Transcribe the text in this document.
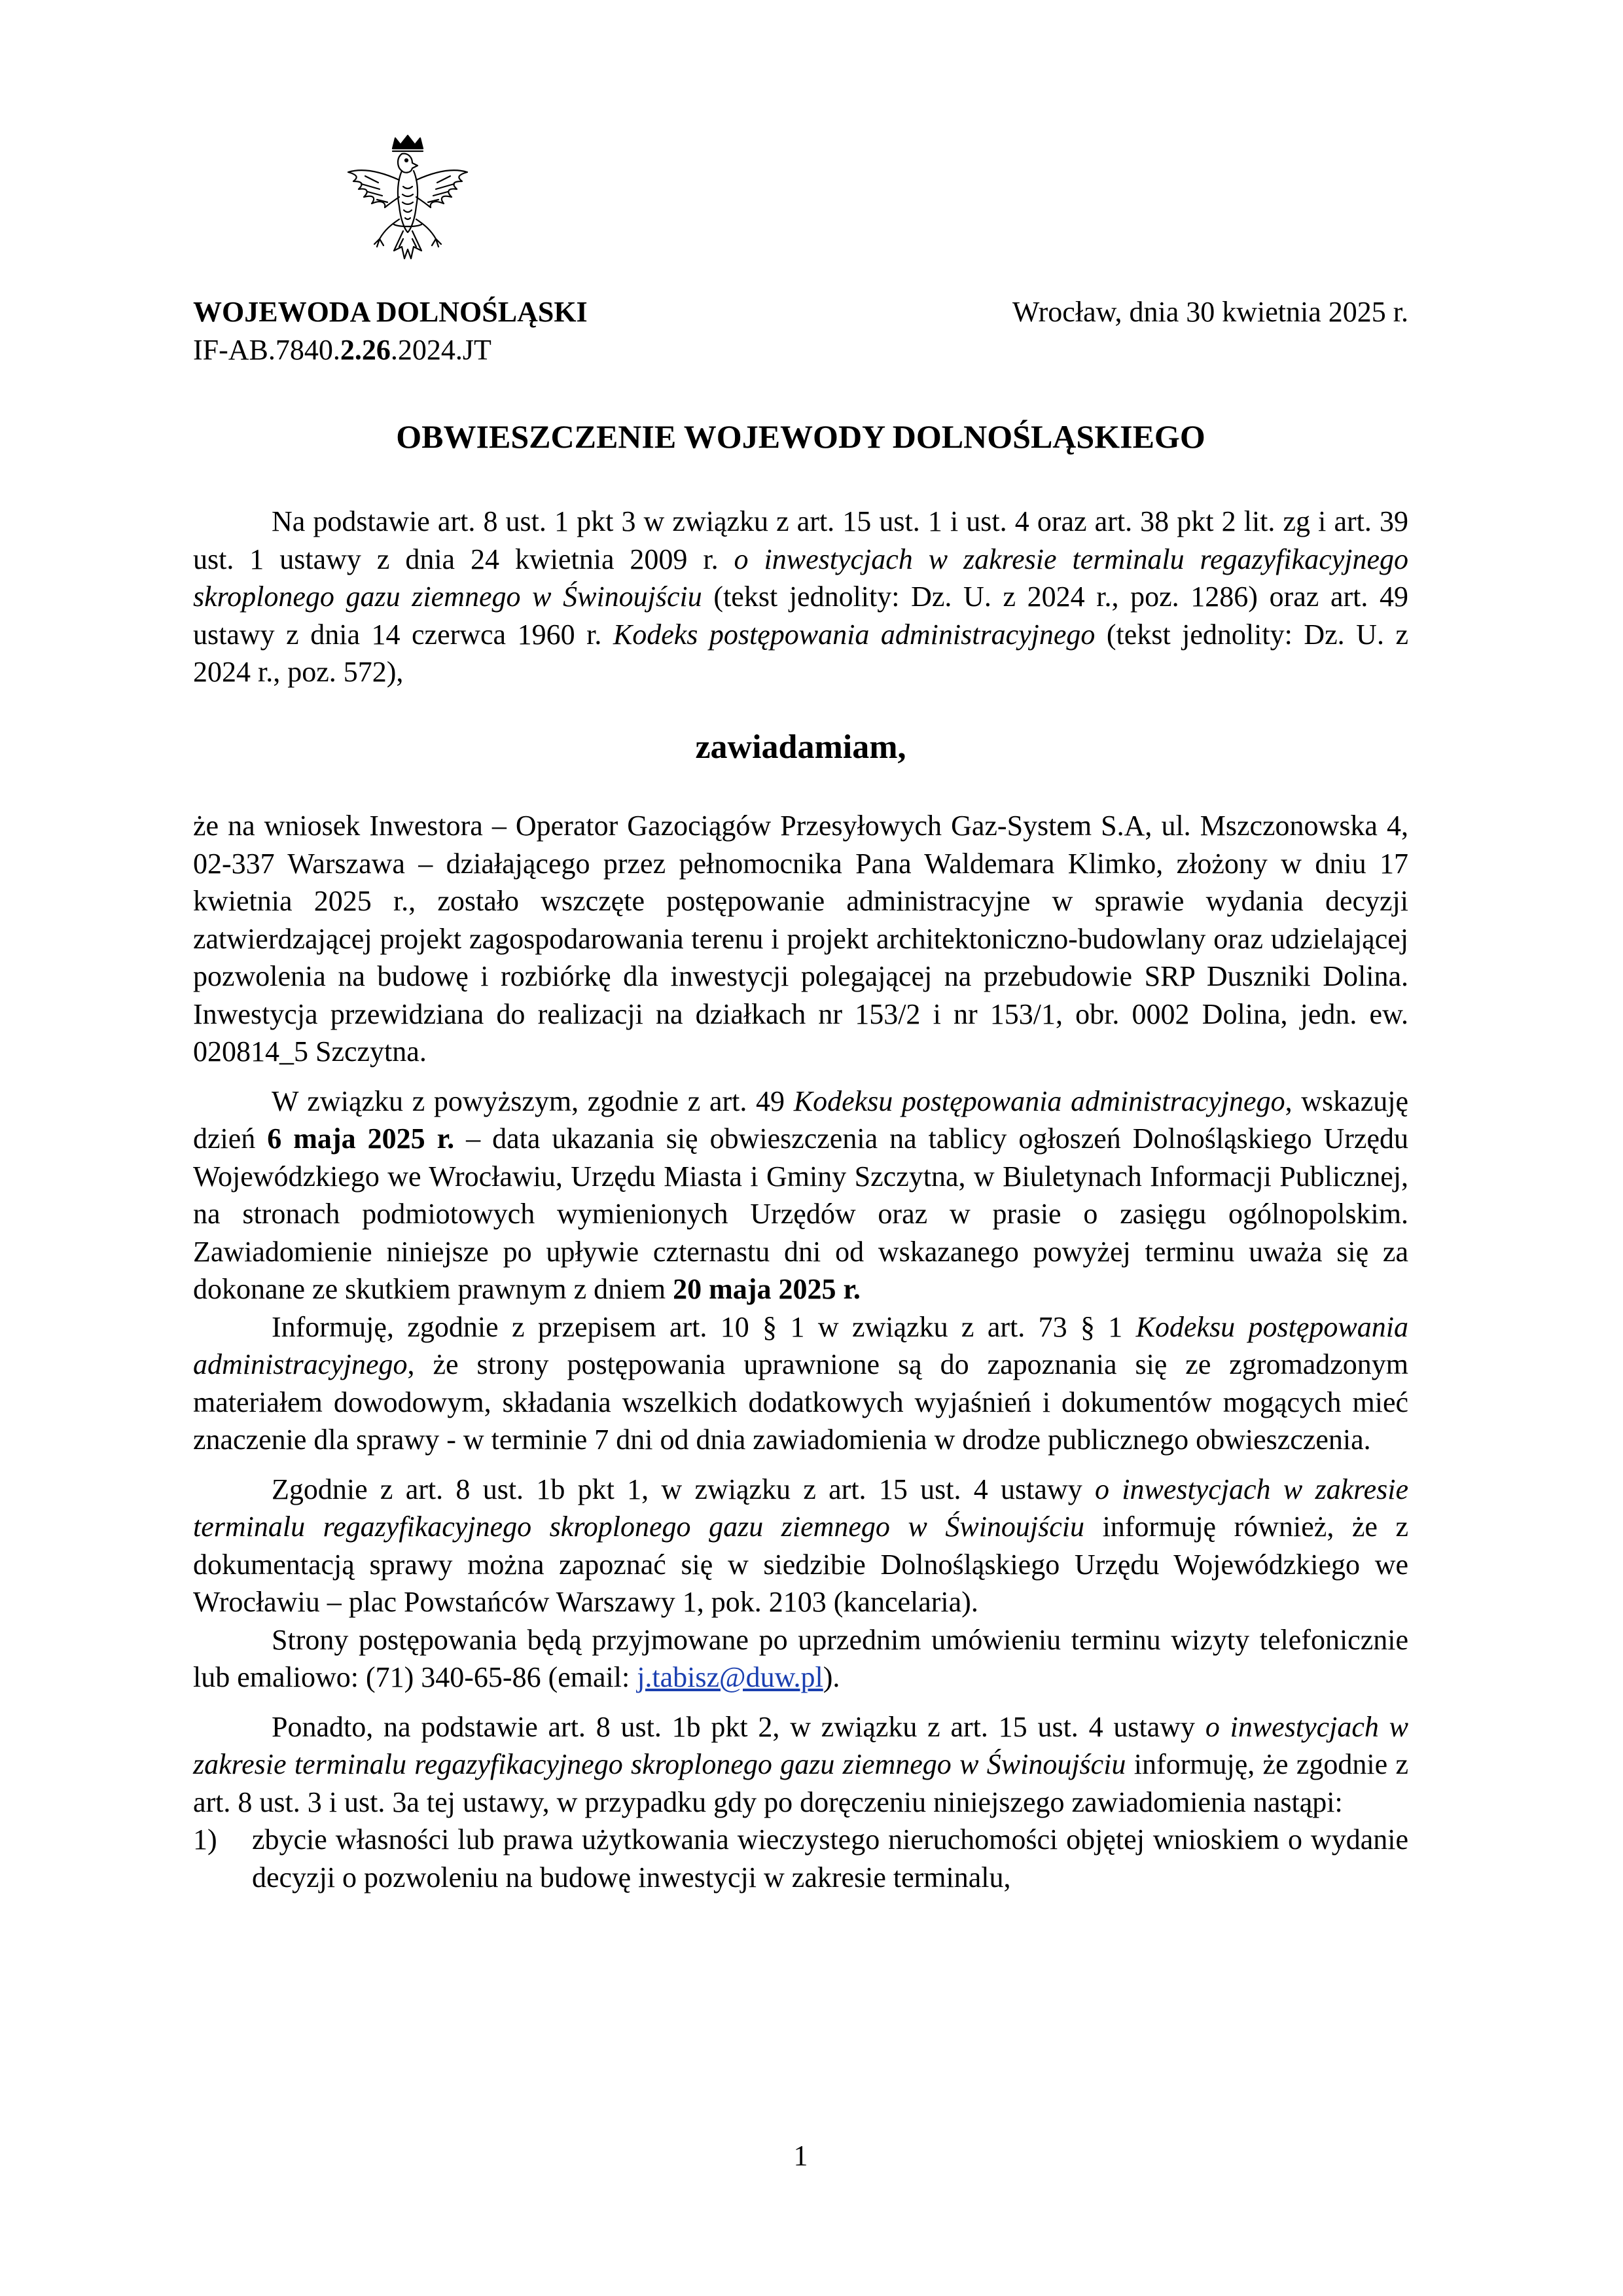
WOJEWODA DOLNOŚLĄSKI
IF-AB.7840.2.26.2024.JT
Wrocław, dnia 30 kwietnia 2025 r.
OBWIESZCZENIE WOJEWODY DOLNOŚLĄSKIEGO

Na podstawie art. 8 ust. 1 pkt 3 w związku z art. 15 ust. 1 i ust. 4 oraz art. 38 pkt 2 lit. zg i art. 39 ust. 1 ustawy z dnia 24 kwietnia 2009 r. o inwestycjach w zakresie terminalu regazyfikacyjnego skroplonego gazu ziemnego w Świnoujściu (tekst jednolity: Dz. U. z 2024 r., poz. 1286) oraz art. 49 ustawy z dnia 14 czerwca 1960 r. Kodeks postępowania administracyjnego (tekst jednolity: Dz. U. z 2024 r., poz. 572),

zawiadamiam,

że na wniosek Inwestora – Operator Gazociągów Przesyłowych Gaz-System S.A, ul. Mszczonowska 4, 02-337 Warszawa – działającego przez pełnomocnika Pana Waldemara Klimko, złożony w dniu 17 kwietnia 2025 r., zostało wszczęte postępowanie administracyjne w sprawie wydania decyzji zatwierdzającej projekt zagospodarowania terenu i projekt architektoniczno-budowlany oraz udzielającej pozwolenia na budowę i rozbiórkę dla inwestycji polegającej na przebudowie SRP Duszniki Dolina. Inwestycja przewidziana do realizacji na działkach nr 153/2 i nr 153/1, obr. 0002 Dolina, jedn. ew. 020814_5 Szczytna.

W związku z powyższym, zgodnie z art. 49 Kodeksu postępowania administracyjnego, wskazuję dzień 6 maja 2025 r. – data ukazania się obwieszczenia na tablicy ogłoszeń Dolnośląskiego Urzędu Wojewódzkiego we Wrocławiu, Urzędu Miasta i Gminy Szczytna, w Biuletynach Informacji Publicznej, na stronach podmiotowych wymienionych Urzędów oraz w prasie o zasięgu ogólnopolskim. Zawiadomienie niniejsze po upływie czternastu dni od wskazanego powyżej terminu uważa się za dokonane ze skutkiem prawnym z dniem 20 maja 2025 r.

Informuję, zgodnie z przepisem art. 10 § 1 w związku z art. 73 § 1 Kodeksu postępowania administracyjnego, że strony postępowania uprawnione są do zapoznania się ze zgromadzonym materiałem dowodowym, składania wszelkich dodatkowych wyjaśnień i dokumentów mogących mieć znaczenie dla sprawy - w terminie 7 dni od dnia zawiadomienia w drodze publicznego obwieszczenia.

Zgodnie z art. 8 ust. 1b pkt 1, w związku z art. 15 ust. 4 ustawy o inwestycjach w zakresie terminalu regazyfikacyjnego skroplonego gazu ziemnego w Świnoujściu informuję również, że z dokumentacją sprawy można zapoznać się w siedzibie Dolnośląskiego Urzędu Wojewódzkiego we Wrocławiu – plac Powstańców Warszawy 1, pok. 2103 (kancelaria).

Strony postępowania będą przyjmowane po uprzednim umówieniu terminu wizyty telefonicznie lub emaliowo: (71) 340-65-86 (email: j.tabisz@duw.pl).

Ponadto, na podstawie art. 8 ust. 1b pkt 2, w związku z art. 15 ust. 4 ustawy o inwestycjach w zakresie terminalu regazyfikacyjnego skroplonego gazu ziemnego w Świnoujściu informuję, że zgodnie z art. 8 ust. 3 i ust. 3a tej ustawy, w przypadku gdy po doręczeniu niniejszego zawiadomienia nastąpi:

1)	zbycie własności lub prawa użytkowania wieczystego nieruchomości objętej wnioskiem o wydanie decyzji o pozwoleniu na budowę inwestycji w zakresie terminalu,
1
